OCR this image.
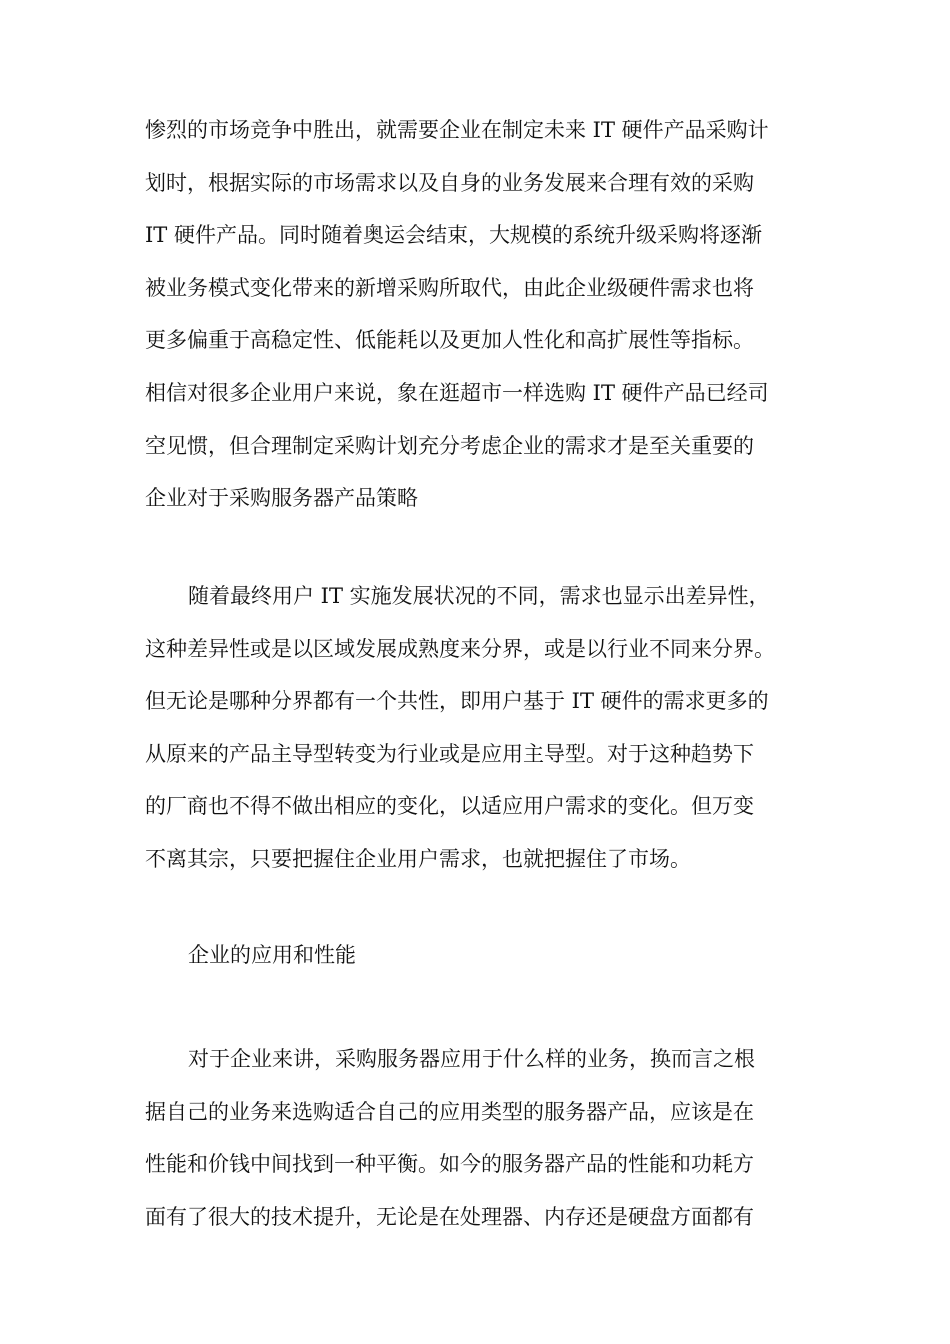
惨烈的市场竞争中胜出，就需要企业在制定未来 IT 硬件产品采购计
划时，根据实际的市场需求以及自身的业务发展来合理有效的采购
IT 硬件产品。同时随着奥运会结束，大规模的系统升级采购将逐渐
被业务模式变化带来的新增采购所取代，由此企业级硬件需求也将
更多偏重于高稳定性、低能耗以及更加人性化和高扩展性等指标。
相信对很多企业用户来说，象在逛超市一样选购 IT 硬件产品已经司
空见惯，但合理制定采购计划充分考虑企业的需求才是至关重要的
企业对于采购服务器产品策略
随着最终用户 IT 实施发展状况的不同，需求也显示出差异性，
这种差异性或是以区域发展成熟度来分界，或是以行业不同来分界。
但无论是哪种分界都有一个共性，即用户基于 IT 硬件的需求更多的
从原来的产品主导型转变为行业或是应用主导型。对于这种趋势下
的厂商也不得不做出相应的变化，以适应用户需求的变化。但万变
不离其宗，只要把握住企业用户需求，也就把握住了市场。
企业的应用和性能
对于企业来讲，采购服务器应用于什么样的业务，换而言之根
据自己的业务来选购适合自己的应用类型的服务器产品，应该是在
性能和价钱中间找到一种平衡。如今的服务器产品的性能和功耗方
面有了很大的技术提升，无论是在处理器、内存还是硬盘方面都有
